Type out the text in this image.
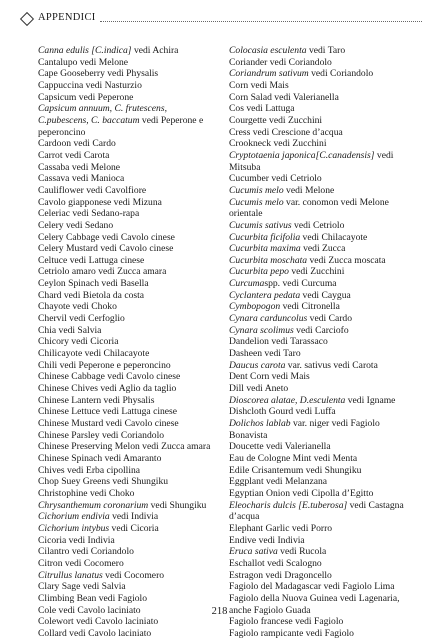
APPENDICI
Canna edulis [C.indica] vedi Achira
Cantalupo vedi Melone
Cape Gooseberry vedi Physalis
Cappuccina vedi Nasturzio
Capsicum vedi Peperone
Capsicum annuum, C. frutescens,
C.pubescens, C. baccatum vedi Peperone e
peperoncino
Cardoon vedi Cardo
Carrot vedi Carota
Cassaba vedi Melone
Cassava vedi Manioca
Cauliflower vedi Cavolfiore
Cavolo giapponese vedi Mizuna
Celeriac vedi Sedano-rapa
Celery vedi Sedano
Celery Cabbage vedi Cavolo cinese
Celery Mustard vedi Cavolo cinese
Celtuce vedi Lattuga cinese
Cetriolo amaro vedi Zucca amara
Ceylon Spinach vedi Basella
Chard vedi Bietola da costa
Chayote vedi Choko
Chervil vedi Cerfoglio
Chia vedi Salvia
Chicory vedi Cicoria
Chilicayote vedi Chilacayote
Chili vedi Peperone e peperoncino
Chinese Cabbage vedi Cavolo cinese
Chinese Chives vedi Aglio da taglio
Chinese Lantern vedi Physalis
Chinese Lettuce vedi Lattuga cinese
Chinese Mustard vedi Cavolo cinese
Chinese Parsley vedi Coriandolo
Chinese Preserving Melon vedi Zucca amara
Chinese Spinach vedi Amaranto
Chives vedi Erba cipollina
Chop Suey Greens vedi Shungiku
Christophine vedi Choko
Chrysanthemum coronarium vedi Shungiku
Cichorium endivia vedi Indivia
Cichorium intybus vedi Cicoria
Cicoria vedi Indivia
Cilantro vedi Coriandolo
Citron vedi Cocomero
Citrullus lanatus vedi Cocomero
Clary Sage vedi Salvia
Climbing Bean vedi Fagiolo
Cole vedi Cavolo laciniato
Colewort vedi Cavolo laciniato
Collard vedi Cavolo laciniato
Colocasia esculenta vedi Taro
Coriander vedi Coriandolo
Coriandrum sativum vedi Coriandolo
Corn vedi Mais
Corn Salad vedi Valerianella
Cos vedi Lattuga
Courgette vedi Zucchini
Cress vedi Crescione d’acqua
Crookneck vedi Zucchini
Cryptotaenia japonica[C.canadensis] vedi
Mitsuba
Cucumber vedi Cetriolo
Cucumis melo vedi Melone
Cucumis melo var. conomon vedi Melone
orientale
Cucumis sativus vedi Cetriolo
Cucurbita ficifolia vedi Chilacayote
Cucurbita maxima vedi Zucca
Cucurbita moschata vedi Zucca moscata
Cucurbita pepo vedi Zucchini
Curcumaspp. vedi Curcuma
Cyclantera pedata vedi Caygua
Cymbopogon vedi Citronella
Cynara carduncolus vedi Cardo
Cynara scolimus vedi Carciofo
Dandelion vedi Tarassaco
Dasheen vedi Taro
Daucus carota var. sativus vedi Carota
Dent Corn vedi Mais
Dill vedi Aneto
Dioscorea alatae, D.esculenta vedi Igname
Dishcloth Gourd vedi Luffa
Dolichos lablab var. niger vedi Fagiolo
Bonavista
Doucette vedi Valerianella
Eau de Cologne Mint vedi Menta
Edile Crisantemum vedi Shungiku
Eggplant vedi Melanzana
Egyptian Onion vedi Cipolla d’Egitto
Eleocharis dulcis [E.tuberosa] vedi Castagna
d’acqua
Elephant Garlic vedi Porro
Endive vedi Indivia
Eruca sativa vedi Rucola
Eschallot vedi Scalogno
Estragon vedi Dragoncello
Fagiolo del Madagascar vedi Fagiolo Lima
Fagiolo della Nuova Guinea vedi Lagenaria,
anche Fagiolo Guada
Fagiolo francese vedi Fagiolo
Fagiolo rampicante vedi Fagiolo
218
